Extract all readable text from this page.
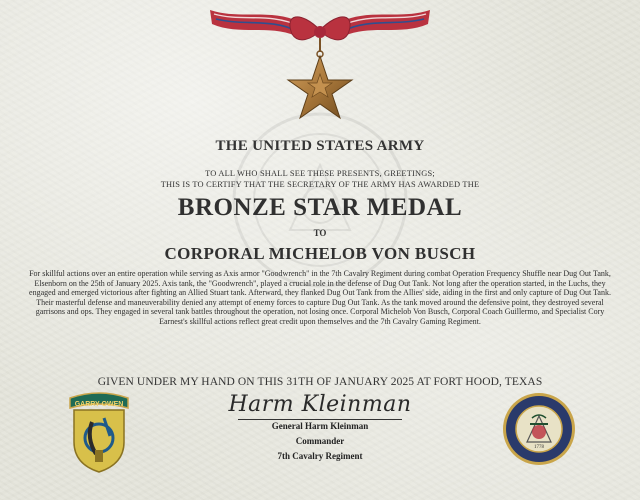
THE UNITED STATES ARMY
TO ALL WHO SHALL SEE THESE PRESENTS, GREETINGS;
THIS IS TO CERTIFY THAT THE SECRETARY OF THE ARMY HAS AWARDED THE
BRONZE STAR MEDAL
TO
CORPORAL MICHELOB VON BUSCH
For skillful actions over an entire operation while serving as Axis armor "Goodwrench" in the 7th Cavalry Regiment during combat Operation Frequency Shuffle near Dug Out Tank, Elsenborn on the 25th of January 2025. Axis tank, the "Goodwrench", played a crucial role in the defense of Dug Out Tank. Not long after the operation started, in the Luchs, they engaged and emerged victorious after fighting an Allied Stuart tank. Afterward, they flanked Dug Out Tank from the Allies' side, aiding in the first and only capture of Dug Out Tank. Their masterful defense and maneuverability denied any attempt of enemy forces to capture Dug Out Tank. As the tank moved around the defensive point, they destroyed several garrisons and ops. They engaged in several tank battles throughout the operation, not losing once. Corporal Michelob Von Busch, Corporal Coach Guillermo, and Specialist Cory Earnest's skillful actions reflect great credit upon themselves and the 7th Cavalry Gaming Regiment.
GIVEN UNDER MY HAND ON THIS 31TH OF JANUARY 2025 AT FORT HOOD, TEXAS
Harm Kleinman
General Harm Kleinman
Commander
7th Cavalry Regiment
GARRY OWEN
1778
